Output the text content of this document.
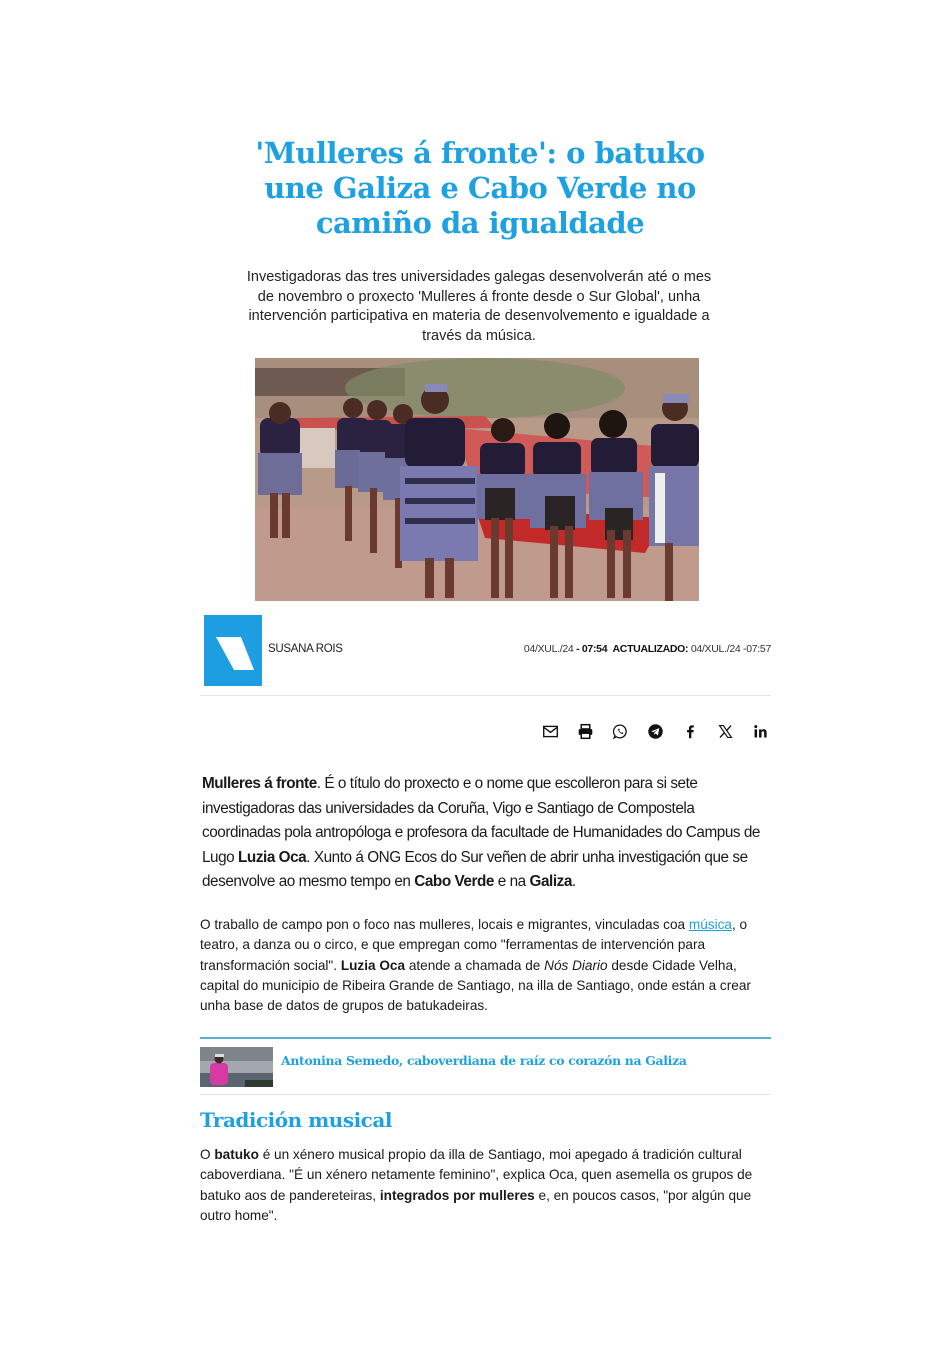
'Mulleres á fronte': o batuko une Galiza e Cabo Verde no camiño da igualdade

Investigadoras das tres universidades galegas desenvolverán até o mes de novembro o proxecto 'Mulleres á fronte desde o Sur Global', unha intervención participativa en materia de desenvolvemento e igualdade a través da música.

SUSANA ROIS	04/XUL./24 - 07:54 ACTUALIZADO: 04/XUL./24 -07:57

Mulleres á fronte. É o título do proxecto e o nome que escolleron para si sete investigadoras das universidades da Coruña, Vigo e Santiago de Compostela coordinadas pola antropóloga e profesora da facultade de Humanidades do Campus de Lugo Luzia Oca. Xunto á ONG Ecos do Sur veñen de abrir unha investigación que se desenvolve ao mesmo tempo en Cabo Verde e na Galiza.

O traballo de campo pon o foco nas mulleres, locais e migrantes, vinculadas coa música, o teatro, a danza ou o circo, e que empregan como "ferramentas de intervención para transformación social". Luzia Oca atende a chamada de Nós Diario desde Cidade Velha, capital do municipio de Ribeira Grande de Santiago, na illa de Santiago, onde están a crear unha base de datos de grupos de batukadeiras.

Antonina Semedo, caboverdiana de raíz co corazón na Galiza
Tradición musical

O batuko é un xénero musical propio da illa de Santiago, moi apegado á tradición cultural caboverdiana. "É un xénero netamente feminino", explica Oca, quen asemella os grupos de batuko aos de pandereteiras, integrados por mulleres e, en poucos casos, "por algún que outro home".
